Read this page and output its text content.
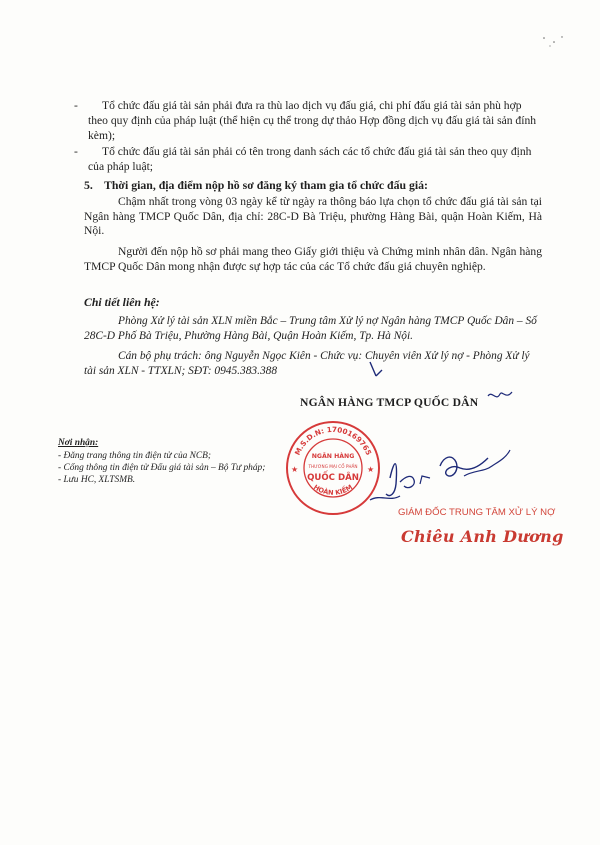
-	Tổ chức đấu giá tài sản phải đưa ra thù lao dịch vụ đấu giá, chi phí đấu giá tài sản phù hợp theo quy định của pháp luật (thể hiện cụ thể trong dự thảo Hợp đồng dịch vụ đấu giá tài sản đính kèm);
-	Tổ chức đấu giá tài sản phải có tên trong danh sách các tổ chức đấu giá tài sản theo quy định của pháp luật;
5. Thời gian, địa điểm nộp hồ sơ đăng ký tham gia tổ chức đấu giá:
Chậm nhất trong vòng 03 ngày kể từ ngày ra thông báo lựa chọn tổ chức đấu giá tài sản tại Ngân hàng TMCP Quốc Dân, địa chỉ: 28C-D Bà Triệu, phường Hàng Bài, quận Hoàn Kiếm, Hà Nội.
Người đến nộp hồ sơ phải mang theo Giấy giới thiệu và Chứng minh nhân dân. Ngân hàng TMCP Quốc Dân mong nhận được sự hợp tác của các Tổ chức đấu giá chuyên nghiệp.
Chi tiết liên hệ:
Phòng Xử lý tài sản XLN miền Bắc – Trung tâm Xử lý nợ Ngân hàng TMCP Quốc Dân – Số 28C-D Phố Bà Triệu, Phường Hàng Bài, Quận Hoàn Kiếm, Tp. Hà Nội.
Cán bộ phụ trách: ông Nguyễn Ngọc Kiên - Chức vụ: Chuyên viên Xử lý nợ - Phòng Xử lý tài sản XLN - TTXLN; SĐT: 0945.383.388
NGÂN HÀNG TMCP QUỐC DÂN
Nơi nhận:
- Đăng trang thông tin điện tử của NCB;
- Cổng thông tin điện tử Đấu giá tài sản – Bộ Tư pháp;
- Lưu HC, XLTSMB.
M.S.D.N: 1700169765
HOÀN KIẾM
NGÂN HÀNG
THƯƠNG MẠI CỔ PHẦN
QUỐC DÂN
★	★
GIÁM ĐỐC TRUNG TÂM XỬ LÝ NỢ
Chiêu Anh Dương
